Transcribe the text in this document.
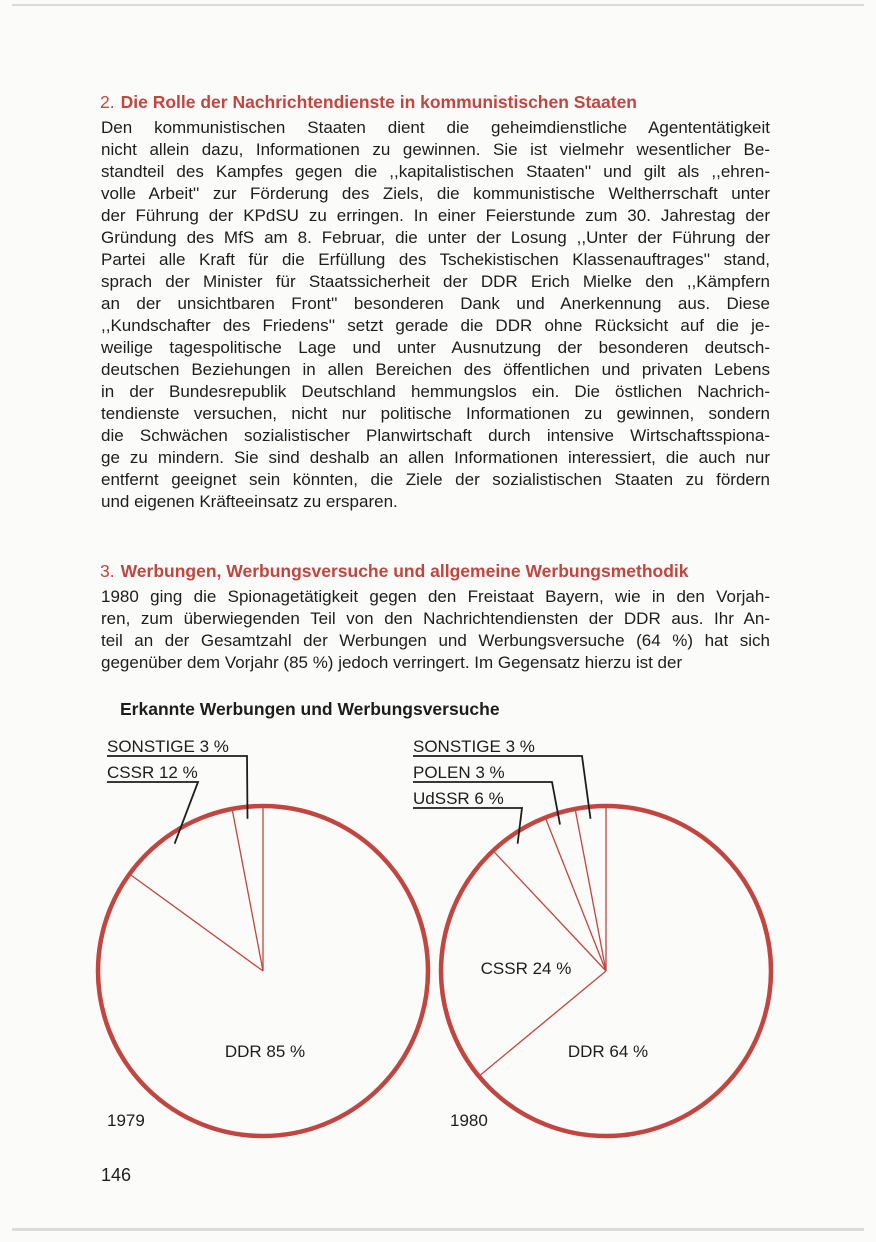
2. Die Rolle der Nachrichtendienste in kommunistischen Staaten

Den kommunistischen Staaten dient die geheimdienstliche Agententätigkeit
nicht allein dazu, Informationen zu gewinnen. Sie ist vielmehr wesentlicher Be-
standteil des Kampfes gegen die ,,kapitalistischen Staaten'' und gilt als ,,ehren-
volle Arbeit'' zur Förderung des Ziels, die kommunistische Weltherrschaft unter
der Führung der KPdSU zu erringen. In einer Feierstunde zum 30. Jahrestag der
Gründung des MfS am 8. Februar, die unter der Losung ,,Unter der Führung der
Partei alle Kraft für die Erfüllung des Tschekistischen Klassenauftrages'' stand,
sprach der Minister für Staatssicherheit der DDR Erich Mielke den ,,Kämpfern
an der unsichtbaren Front'' besonderen Dank und Anerkennung aus. Diese
,,Kundschafter des Friedens'' setzt gerade die DDR ohne Rücksicht auf die je-
weilige tagespolitische Lage und unter Ausnutzung der besonderen deutsch-
deutschen Beziehungen in allen Bereichen des öffentlichen und privaten Lebens
in der Bundesrepublik Deutschland hemmungslos ein. Die östlichen Nachrich-
tendienste versuchen, nicht nur politische Informationen zu gewinnen, sondern
die Schwächen sozialistischer Planwirtschaft durch intensive Wirtschaftsspiona-
ge zu mindern. Sie sind deshalb an allen Informationen interessiert, die auch nur
entfernt geeignet sein könnten, die Ziele der sozialistischen Staaten zu fördern
und eigenen Kräfteeinsatz zu ersparen.

3. Werbungen, Werbungsversuche und allgemeine Werbungsmethodik

1980 ging die Spionagetätigkeit gegen den Freistaat Bayern, wie in den Vorjah-
ren, zum überwiegenden Teil von den Nachrichtendiensten der DDR aus. Ihr An-
teil an der Gesamtzahl der Werbungen und Werbungsversuche (64 %) hat sich
gegenüber dem Vorjahr (85 %) jedoch verringert. Im Gegensatz hierzu ist der

Erkannte Werbungen und Werbungsversuche
DDR 85 %
CSSR 12 %
SONSTIGE 3 %
1979
DDR 64 %
CSSR 24 %
UdSSR 6 %
POLEN 3 %
SONSTIGE 3 %
1980
146
